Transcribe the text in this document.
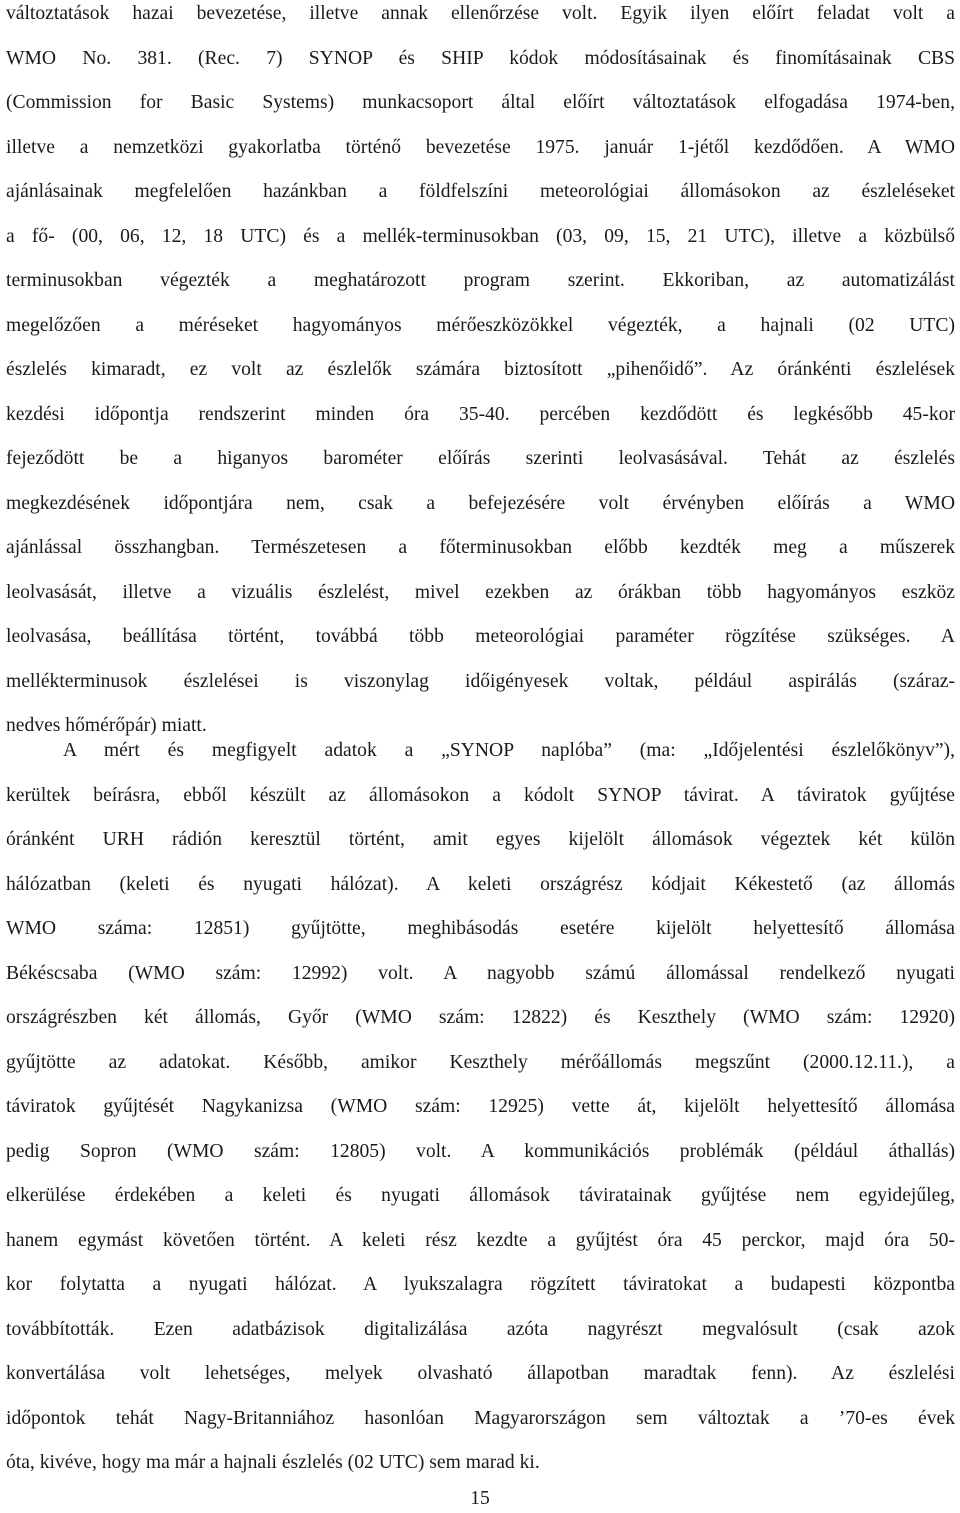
változtatások hazai bevezetése, illetve annak ellenőrzése volt. Egyik ilyen előírt feladat volt a
WMO No. 381. (Rec. 7) SYNOP és SHIP kódok módosításainak és finomításainak CBS
(Commission for Basic Systems) munkacsoport által előírt változtatások elfogadása 1974-ben,
illetve a nemzetközi gyakorlatba történő bevezetése 1975. január 1-jétől kezdődően. A WMO
ajánlásainak megfelelően hazánkban a földfelszíni meteorológiai állomásokon az észleléseket
a fő- (00, 06, 12, 18 UTC) és a mellék-terminusokban (03, 09, 15, 21 UTC), illetve a közbülső
terminusokban végezték a meghatározott program szerint. Ekkoriban, az automatizálást
megelőzően a méréseket hagyományos mérőeszközökkel végezték, a hajnali (02 UTC)
észlelés kimaradt, ez volt az észlelők számára biztosított „pihenőidő”. Az óránkénti észlelések
kezdési időpontja rendszerint minden óra 35-40. percében kezdődött és legkésőbb 45-kor
fejeződött be a higanyos barométer előírás szerinti leolvasásával. Tehát az észlelés
megkezdésének időpontjára nem, csak a befejezésére volt érvényben előírás a WMO
ajánlással összhangban. Természetesen a főterminusokban előbb kezdték meg a műszerek
leolvasását, illetve a vizuális észlelést, mivel ezekben az órákban több hagyományos eszköz
leolvasása, beállítása történt, továbbá több meteorológiai paraméter rögzítése szükséges. A
mellékterminusok észlelései is viszonylag időigényesek voltak, például aspirálás (száraz-
nedves hőmérőpár) miatt.
A mért és megfigyelt adatok a „SYNOP naplóba” (ma: „Időjelentési észlelőkönyv”),
kerültek beírásra, ebből készült az állomásokon a kódolt SYNOP távirat. A táviratok gyűjtése
óránként URH rádión keresztül történt, amit egyes kijelölt állomások végeztek két külön
hálózatban (keleti és nyugati hálózat). A keleti országrész kódjait Kékestető (az állomás
WMO száma: 12851) gyűjtötte, meghibásodás esetére kijelölt helyettesítő állomása
Békéscsaba (WMO szám: 12992) volt. A nagyobb számú állomással rendelkező nyugati
országrészben két állomás, Győr (WMO szám: 12822) és Keszthely (WMO szám: 12920)
gyűjtötte az adatokat. Később, amikor Keszthely mérőállomás megszűnt (2000.12.11.), a
táviratok gyűjtését Nagykanizsa (WMO szám: 12925) vette át, kijelölt helyettesítő állomása
pedig Sopron (WMO szám: 12805) volt. A kommunikációs problémák (például áthallás)
elkerülése érdekében a keleti és nyugati állomások táviratainak gyűjtése nem egyidejűleg,
hanem egymást követően történt. A keleti rész kezdte a gyűjtést óra 45 perckor, majd óra 50-
kor folytatta a nyugati hálózat. A lyukszalagra rögzített táviratokat a budapesti központba
továbbították. Ezen adatbázisok digitalizálása azóta nagyrészt megvalósult (csak azok
konvertálása volt lehetséges, melyek olvasható állapotban maradtak fenn). Az észlelési
időpontok tehát Nagy-Britanniához hasonlóan Magyarországon sem változtak a ’70-es évek
óta, kivéve, hogy ma már a hajnali észlelés (02 UTC) sem marad ki.
15
